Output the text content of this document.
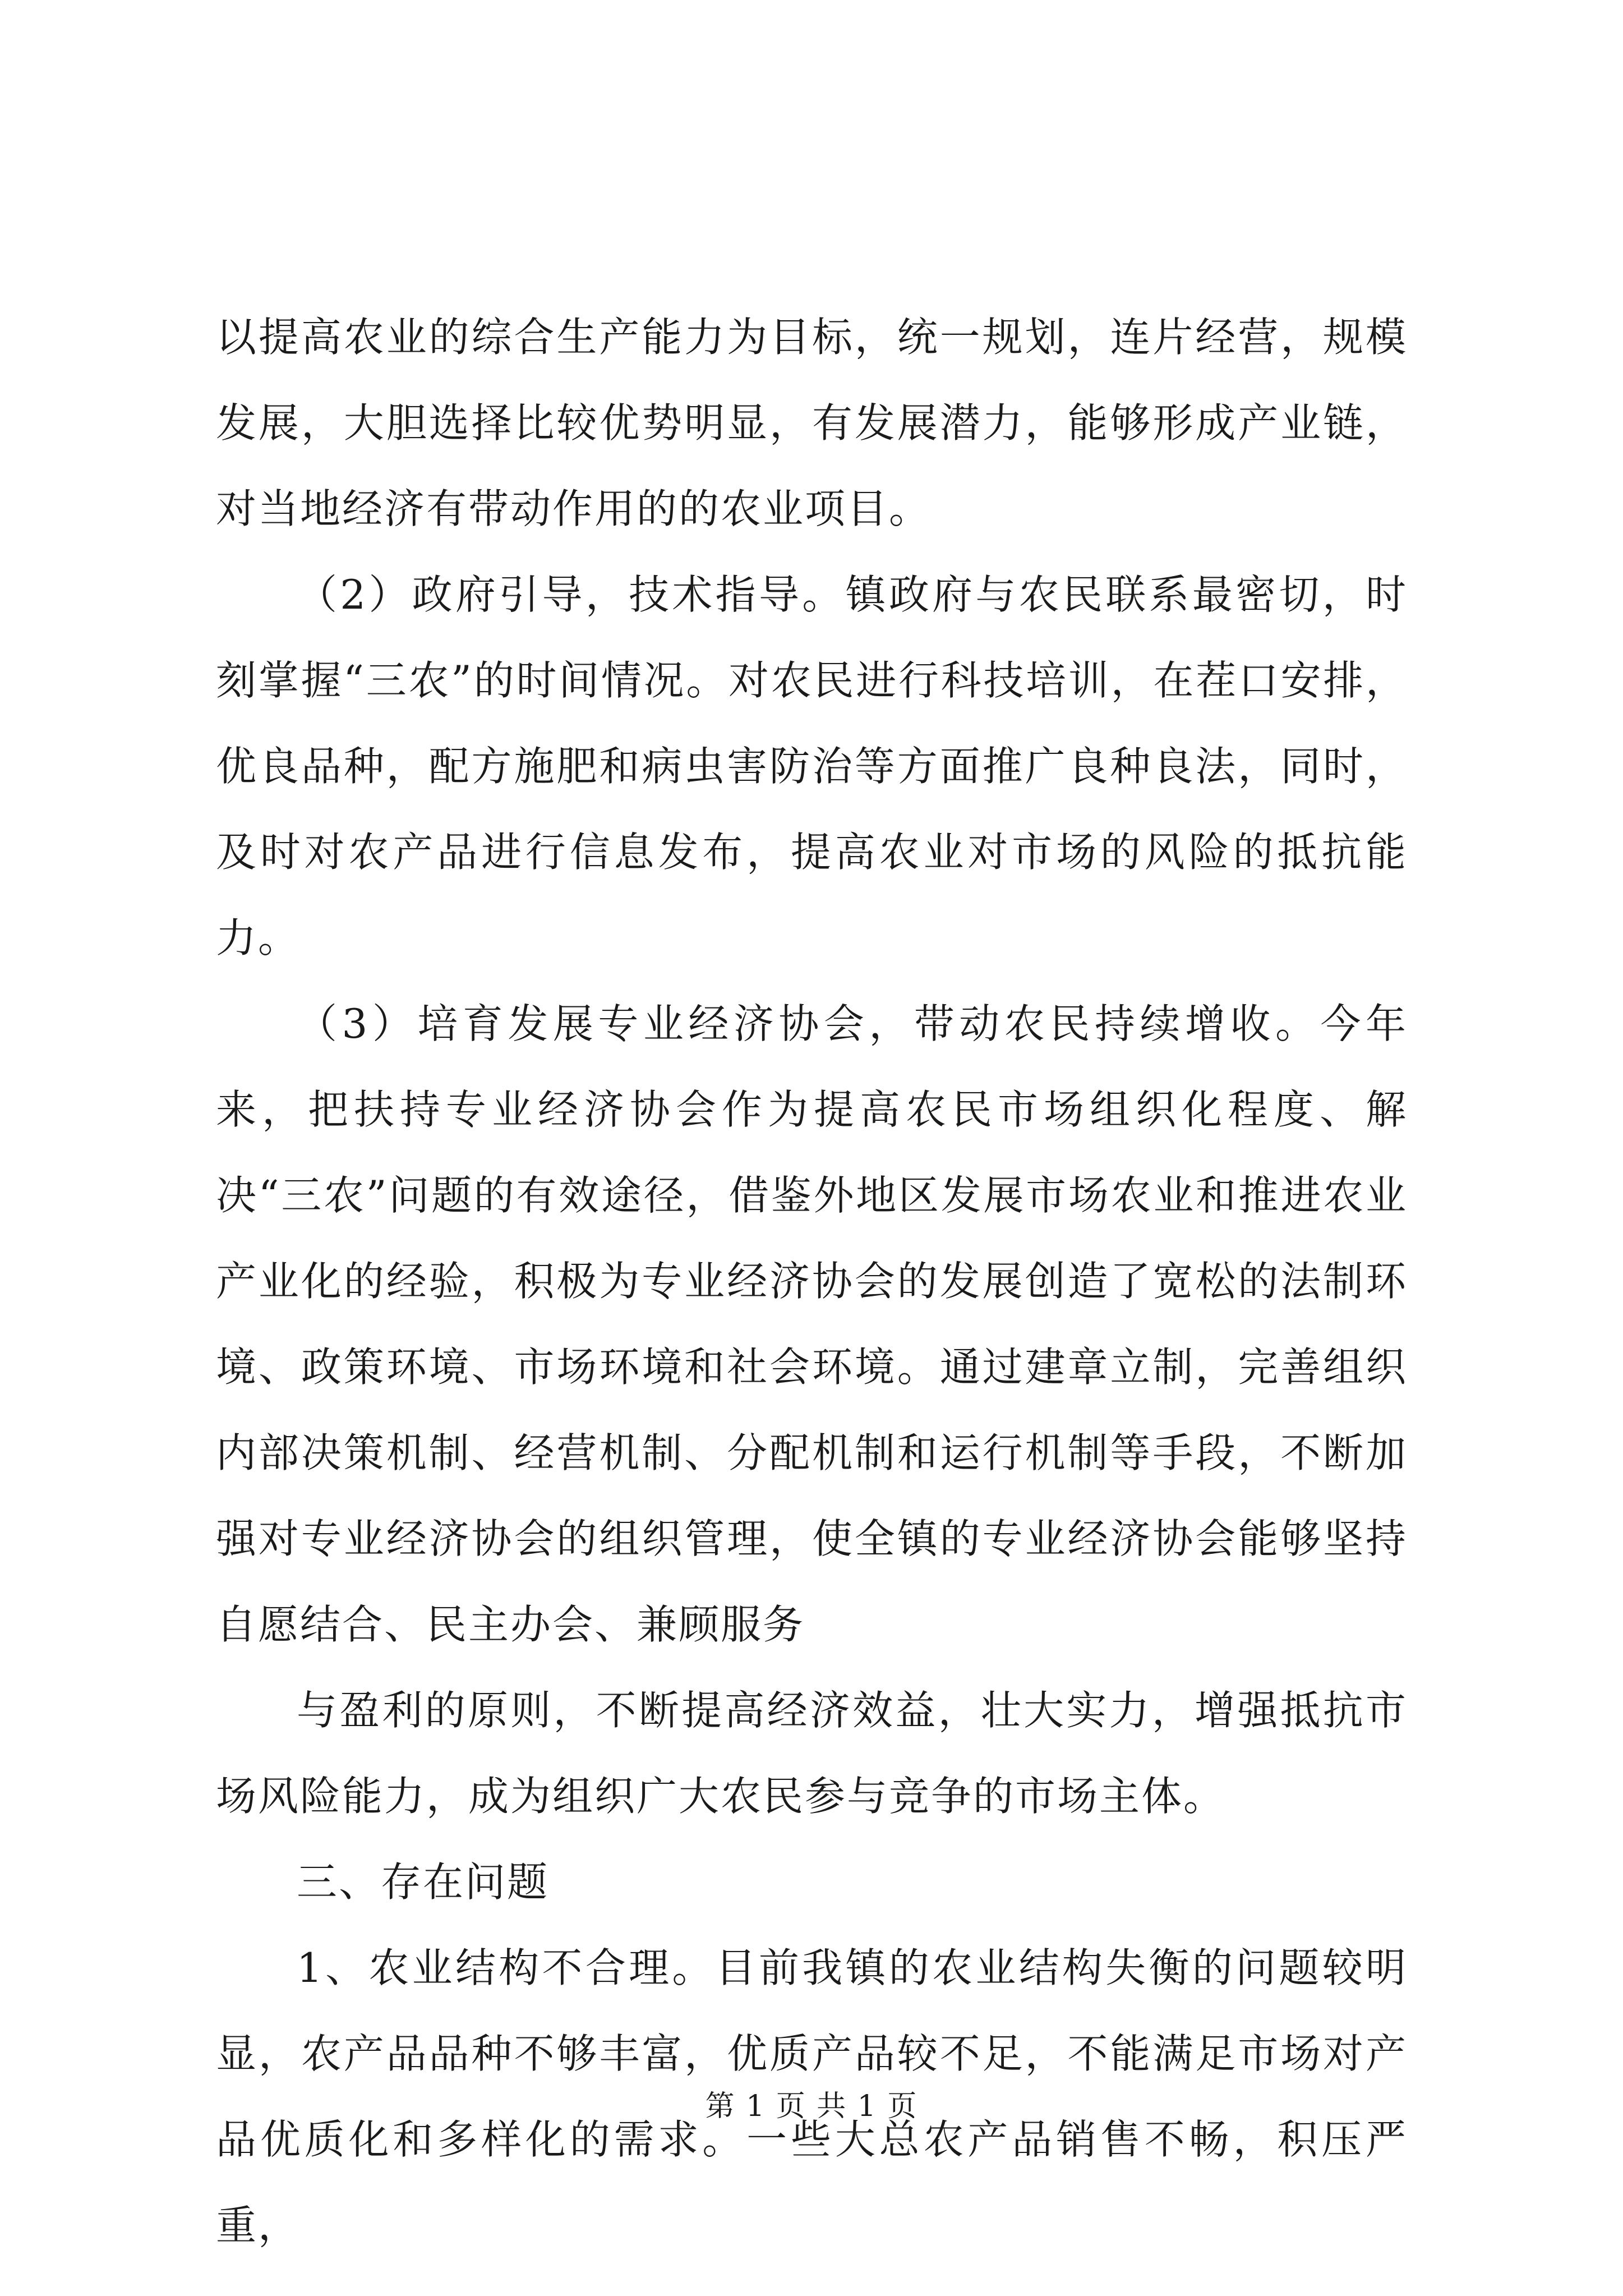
以提高农业的综合生产能力为目标，统一规划，连片经营，规模发展，大胆选择比较优势明显，有发展潜力，能够形成产业链，对当地经济有带动作用的的农业项目。

（2）政府引导，技术指导。镇政府与农民联系最密切，时刻掌握“三农”的时间情况。对农民进行科技培训，在茬口安排，优良品种，配方施肥和病虫害防治等方面推广良种良法，同时，及时对农产品进行信息发布，提高农业对市场的风险的抵抗能力。

（3）培育发展专业经济协会，带动农民持续增收。今年来，把扶持专业经济协会作为提高农民市场组织化程度、解决“三农”问题的有效途径，借鉴外地区发展市场农业和推进农业产业化的经验，积极为专业经济协会的发展创造了宽松的法制环境、政策环境、市场环境和社会环境。通过建章立制，完善组织内部决策机制、经营机制、分配机制和运行机制等手段，不断加强对专业经济协会的组织管理，使全镇的专业经济协会能够坚持自愿结合、民主办会、兼顾服务

与盈利的原则，不断提高经济效益，壮大实力，增强抵抗市场风险能力，成为组织广大农民参与竞争的市场主体。

三、存在问题

1、农业结构不合理。目前我镇的农业结构失衡的问题较明显，农产品品种不够丰富，优质产品较不足，不能满足市场对产品优质化和多样化的需求。一些大总农产品销售不畅，积压严重，

第 1 页 共 1 页
